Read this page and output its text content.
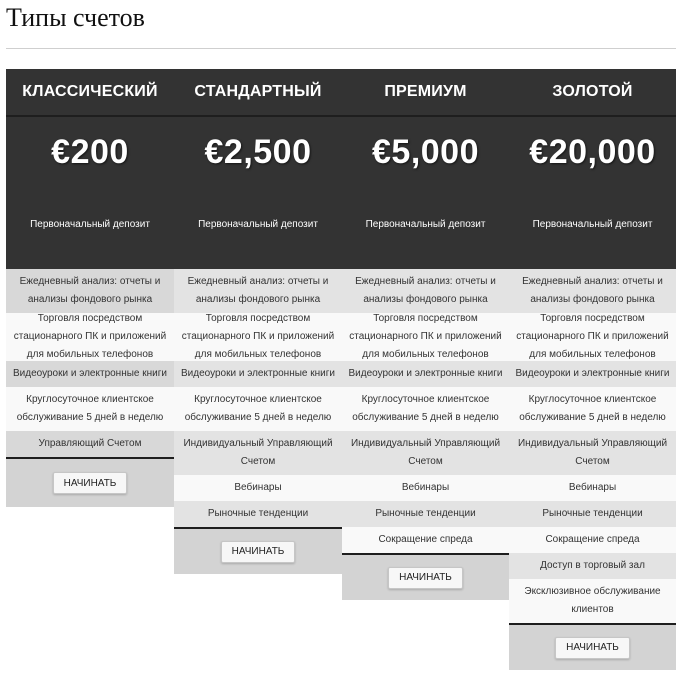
Типы счетов
КЛАССИЧЕСКИЙ
€200
Первоначальный депозит
Ежедневный анализ: отчеты и анализы фондового рынка
Торговля посредством стационарного ПК и приложений для мобильных телефонов
Видеоуроки и электронные книги
Круглосуточное клиентское обслуживание 5 дней в неделю
Управляющий Счетом
НАЧИНАТЬ
СТАНДАРТНЫЙ
€2,500
Первоначальный депозит
Ежедневный анализ: отчеты и анализы фондового рынка
Торговля посредством стационарного ПК и приложений для мобильных телефонов
Видеоуроки и электронные книги
Круглосуточное клиентское обслуживание 5 дней в неделю
Индивидуальный Управляющий Счетом
Вебинары
Рыночные тенденции
НАЧИНАТЬ
ПРЕМИУМ
€5,000
Первоначальный депозит
Ежедневный анализ: отчеты и анализы фондового рынка
Торговля посредством стационарного ПК и приложений для мобильных телефонов
Видеоуроки и электронные книги
Круглосуточное клиентское обслуживание 5 дней в неделю
Индивидуальный Управляющий Счетом
Вебинары
Рыночные тенденции
Сокращение спреда
НАЧИНАТЬ
ЗОЛОТОЙ
€20,000
Первоначальный депозит
Ежедневный анализ: отчеты и анализы фондового рынка
Торговля посредством стационарного ПК и приложений для мобильных телефонов
Видеоуроки и электронные книги
Круглосуточное клиентское обслуживание 5 дней в неделю
Индивидуальный Управляющий Счетом
Вебинары
Рыночные тенденции
Сокращение спреда
Доступ в торговый зал
Эксклюзивное обслуживание клиентов
НАЧИНАТЬ
